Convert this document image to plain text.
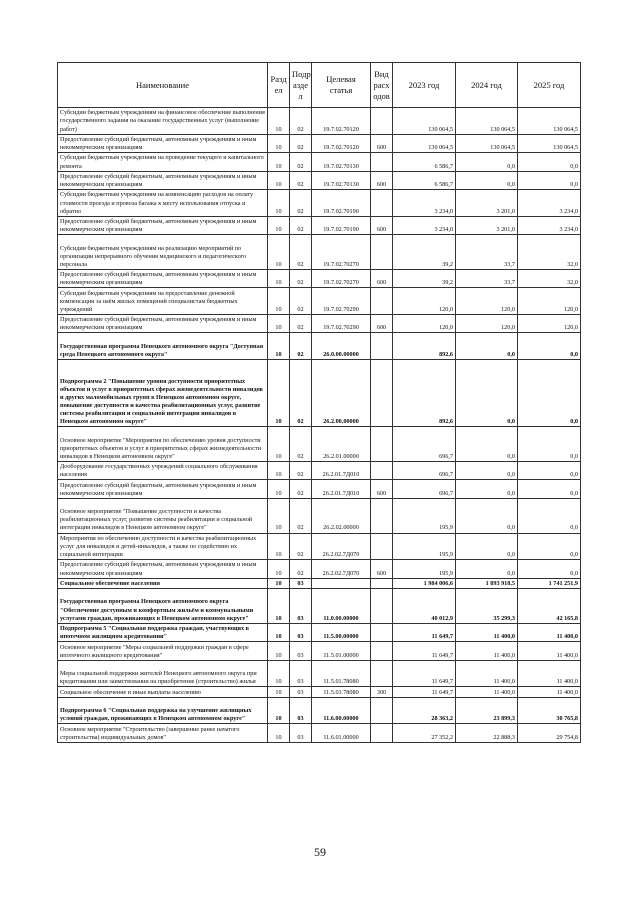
Наименование	Разд ел	Подр азде л	Целевая статья	Вид расх одов	2023 год	2024 год	2025 год
Субсидии бюджетным учреждениям на финансовое обеспечение выполнения государственного задания на оказание государственных услуг (выполнение работ)	10	02	19.7.02.70120		130 064,5	130 064,5	130 064,5
Предоставление субсидий бюджетным, автономным учреждениям и иным некоммерческим организациям	10	02	19.7.02.70120	600	130 064,5	130 064,5	130 064,5
Субсидии бюджетным учреждениям на проведение текущего и капитального ремонта	10	02	19.7.02.70130		6 586,7	0,0	0,0
Предоставление субсидий бюджетным, автономным учреждениям и иным некоммерческим организациям	10	02	19.7.02.70130	600	6 586,7	0,0	0,0
Субсидии бюджетным учреждениям на компенсацию расходов на оплату стоимости проезда и провоза багажа к месту использования отпуска и обратно	10	02	19.7.02.70190		3 234,0	3 201,0	3 234,0
Предоставление субсидий бюджетным, автономным учреждениям и иным некоммерческим организациям	10	02	19.7.02.70190	600	3 234,0	3 201,0	3 234,0
Субсидии бюджетным учреждениям на реализацию мероприятий по организации непрерывного обучения медицинского и педагогического персонала	10	02	19.7.02.70270		39,2	33,7	32,0
Предоставление субсидий бюджетным, автономным учреждениям и иным некоммерческим организациям	10	02	19.7.02.70270	600	39,2	33,7	32,0
Субсидии бюджетным учреждениям на предоставление денежной компенсации за наём жилых помещений специалистам бюджетных учреждений	10	02	19.7.02.70290		120,0	120,0	120,0
Предоставление субсидий бюджетным, автономным учреждениям и иным некоммерческим организациям	10	02	19.7.02.70290	600	120,0	120,0	120,0
Государственная программа Ненецкого автономного округа "Доступная среда Ненецкого автономного округа"	10	02	26.0.00.00000		892,6	0,0	0,0
Подпрограмма 2 "Повышение уровня доступности приоритетных объектов и услуг в приоритетных сферах жизнедеятельности инвалидов и других маломобильных групп в Ненецком автономном округе, повышение доступности и качества реабилитационных услуг, развитие системы реабилитации и социальной интеграции инвалидов в Ненецком автономном округе"	10	02	26.2.00.00000		892,6	0,0	0,0
Основное мероприятие "Мероприятия по обеспечению уровня доступности приоритетных объектов и услуг в приоритетных сферах жизнедеятельности инвалидов в Ненецком автономном округе"	10	02	26.2.01.00000		696,7	0,0	0,0
Дооборудование государственных учреждений социального обслуживания населения	10	02	26.2.01.7Д010		696,7	0,0	0,0
Предоставление субсидий бюджетным, автономным учреждениям и иным некоммерческим организациям	10	02	26.2.01.7Д010	600	696,7	0,0	0,0
Основное мероприятие "Повышение доступности и качества реабилитационных услуг, развитие системы реабилитации и социальной интеграции инвалидов в Ненецком автономном округе"	10	02	26.2.02.00000		195,9	0,0	0,0
Мероприятия по обеспечению доступности и качества реабилитационных услуг для инвалидов и детей-инвалидов, а также по содействию их социальной интеграции	10	02	26.2.02.7Д070		195,9	0,0	0,0
Предоставление субсидий бюджетным, автономным учреждениям и иным некоммерческим организациям	10	02	26.2.02.7Д070	600	195,9	0,0	0,0
Социальное обеспечение населения	10	03			1 984 006,6	1 893 918,5	1 741 251,9
Государственная программа Ненецкого автономного округа "Обеспечение доступным и комфортным жильём и коммунальными услугами граждан, проживающих в Ненецком автономном округе"	10	03	11.0.00.00000		40 012,9	35 299,3	42 165,8
Подпрограмма 5 "Социальная поддержка граждан, участвующих в ипотечном жилищном кредитовании"	10	03	11.5.00.00000		11 649,7	11 400,0	11 400,0
Основное мероприятие "Меры социальной поддержки граждан в сфере ипотечного жилищного кредитования"	10	03	11.5.01.00000		11 649,7	11 400,0	11 400,0
Меры социальной поддержки жителей Ненецкого автономного округа при кредитовании или заимствовании на приобретение (строительство) жилья	10	03	11.5.01.78080		11 649,7	11 400,0	11 400,0
Социальное обеспечение и иные выплаты населению	10	03	11.5.01.78080	300	11 649,7	11 400,0	11 400,0
Подпрограмма 6 "Социальная поддержка на улучшение жилищных условий граждан, проживающих в Ненецком автономном округе"	10	03	11.6.00.00000		28 363,2	23 899,3	30 765,8
Основное мероприятие "Строительство (завершение ранее начатого строительства) индивидуальных домов"	10	03	11.6.01.00000		27 352,2	22 888,3	29 754,8
59
